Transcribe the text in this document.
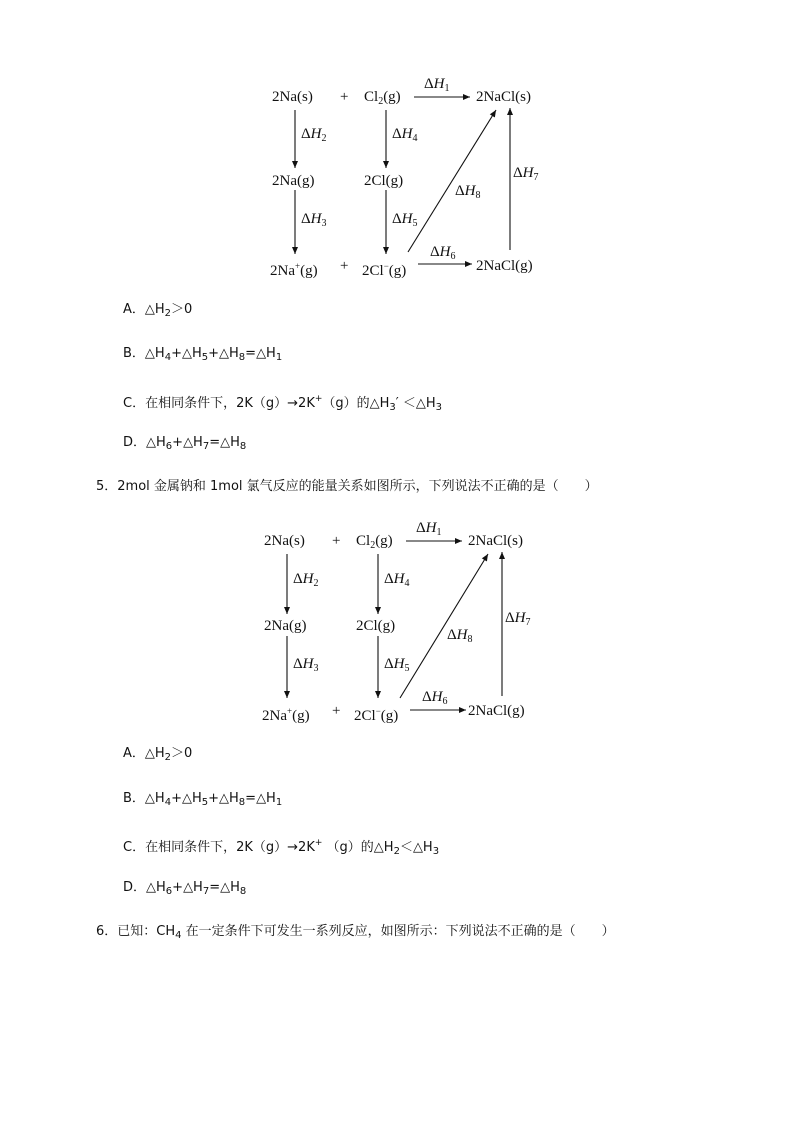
$2Na(s) + Cl_2(g)$	2NaCl(s)
$\Delta H_1$
$\Delta H_2$	$\Delta H_4$
$\Delta H_7$
$\Delta H_8$
2Na(g)	2Cl(g)
$\Delta H_3$	$\Delta H_5$
$\Delta H_6$
2Na+(g) + 2Cl−(g)	2NaCl(g)
A．$\triangle H_2>0$
B．$\triangle H_4+\triangle H_5+\triangle H_8=\triangle H_1$
C．在相同条件下，2K（g）→2K+（g）的$\triangle H_3'$ $<\triangle H_3$
D．$\triangle H_6+\triangle H_7=\triangle H_8$
5．2mol 金属钠和 1mol 氯气反应的能量关系如图所示，下列说法不正确的是（　　）
$2Na(s) + Cl_2(g)$	2NaCl(s)
$\Delta H_1$
$\Delta H_2$	$\Delta H_4$
$\Delta H_7$
$\Delta H_8$
2Na(g)	2Cl(g)
$\Delta H_3$	$\Delta H_5$
$\Delta H_6$
2Na+(g) + 2Cl−(g)	2NaCl(g)
A．$\triangle H_2>0$
B．$\triangle H_4+\triangle H_5+\triangle H_8=\triangle H_1$
C．在相同条件下，2K（g）→2K+ （g）的$\triangle H_2<\triangle H_3$
D．$\triangle H_6+\triangle H_7=\triangle H_8$
6．已知：$CH_4$ 在一定条件下可发生一系列反应，如图所示：下列说法不正确的是（　　）
